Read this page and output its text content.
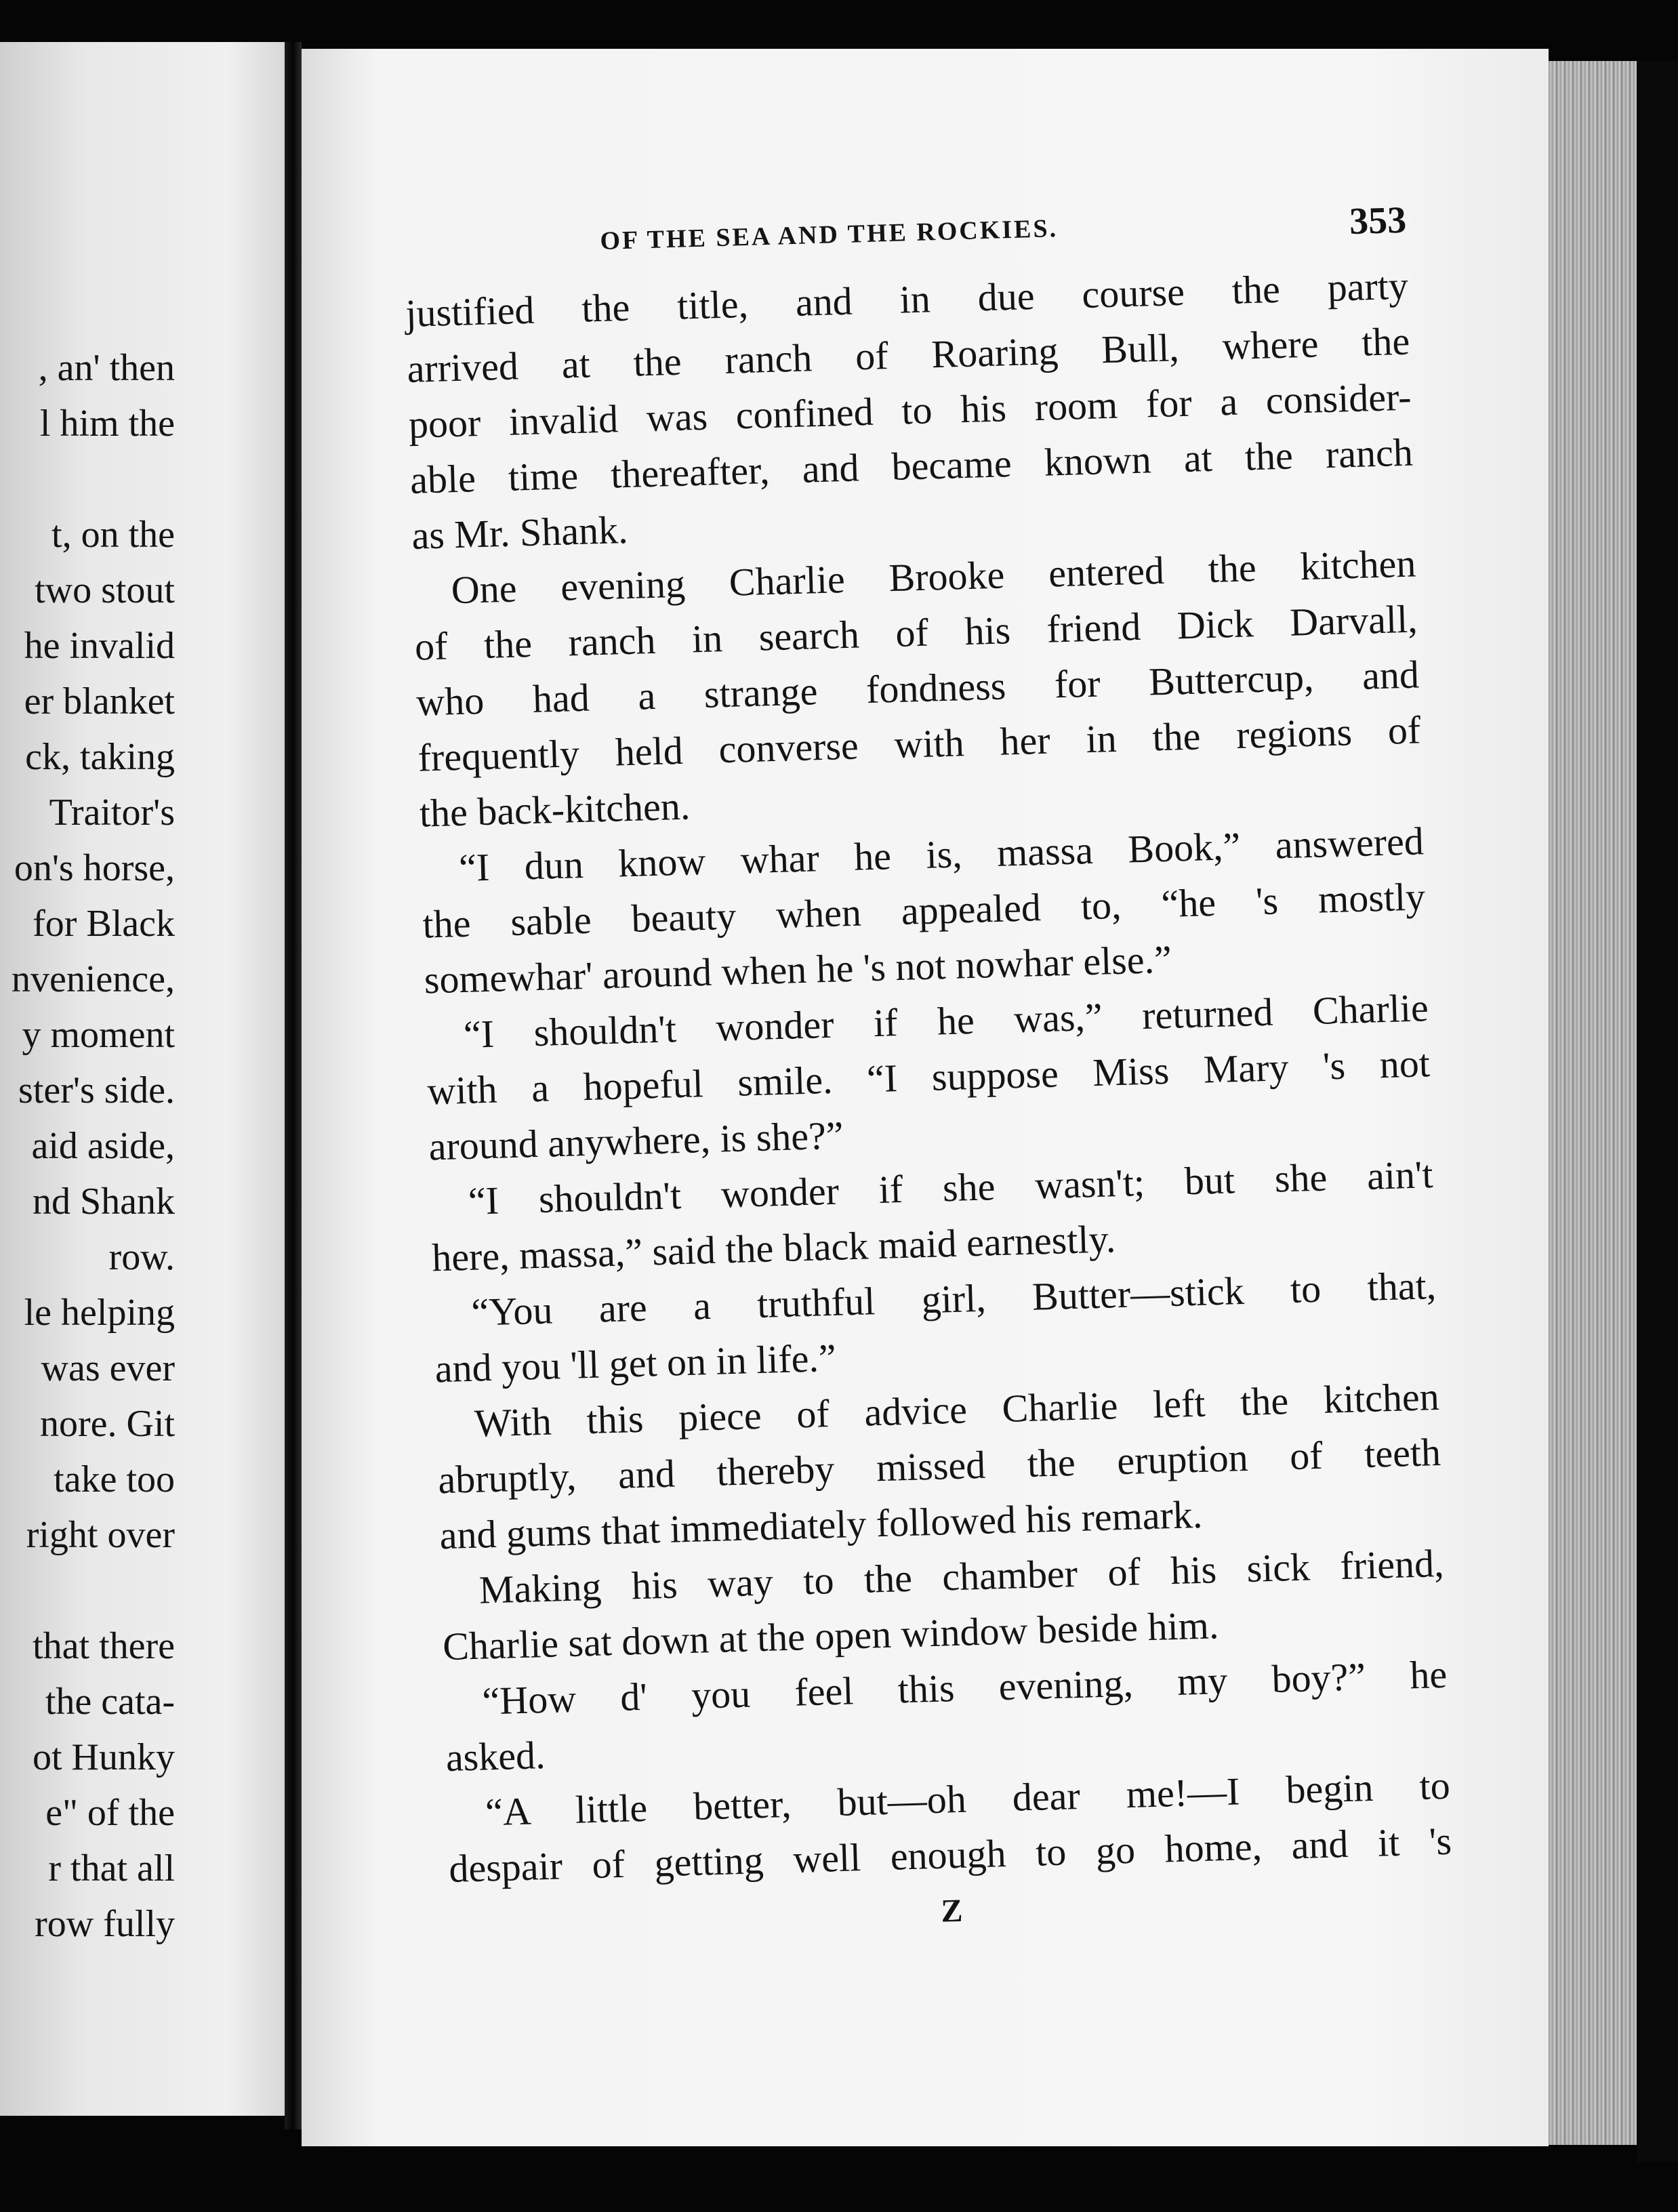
, an' then
l him the
t, on the
two stout
he invalid
er blanket
ck, taking
Traitor's
on's horse,
for Black
nvenience,
y moment
ster's side.
aid aside,
nd Shank
row.
le helping
was ever
nore. Git
take too
right over
that there
the cata-
ot Hunky
e" of the
r that all
row fully
OF THE SEA AND THE ROCKIES.	353
justified the title, and in due course the party
arrived at the ranch of Roaring Bull, where the
poor invalid was confined to his room for a consider-
able time thereafter, and became known at the ranch
as Mr. Shank.
One evening Charlie Brooke entered the kitchen
of the ranch in search of his friend Dick Darvall,
who had a strange fondness for Buttercup, and
frequently held converse with her in the regions of
the back-kitchen.
“I dun know whar he is, massa Book,” answered
the sable beauty when appealed to, “he 's mostly
somewhar' around when he 's not nowhar else.”
“I shouldn't wonder if he was,” returned Charlie
with a hopeful smile. “I suppose Miss Mary 's not
around anywhere, is she?”
“I shouldn't wonder if she wasn't; but she ain't
here, massa,” said the black maid earnestly.
“You are a truthful girl, Butter—stick to that,
and you 'll get on in life.”
With this piece of advice Charlie left the kitchen
abruptly, and thereby missed the eruption of teeth
and gums that immediately followed his remark.
Making his way to the chamber of his sick friend,
Charlie sat down at the open window beside him.
“How d' you feel this evening, my boy?” he
asked.
“A little better, but—oh dear me!—I begin to
despair of getting well enough to go home, and it 's
Z
